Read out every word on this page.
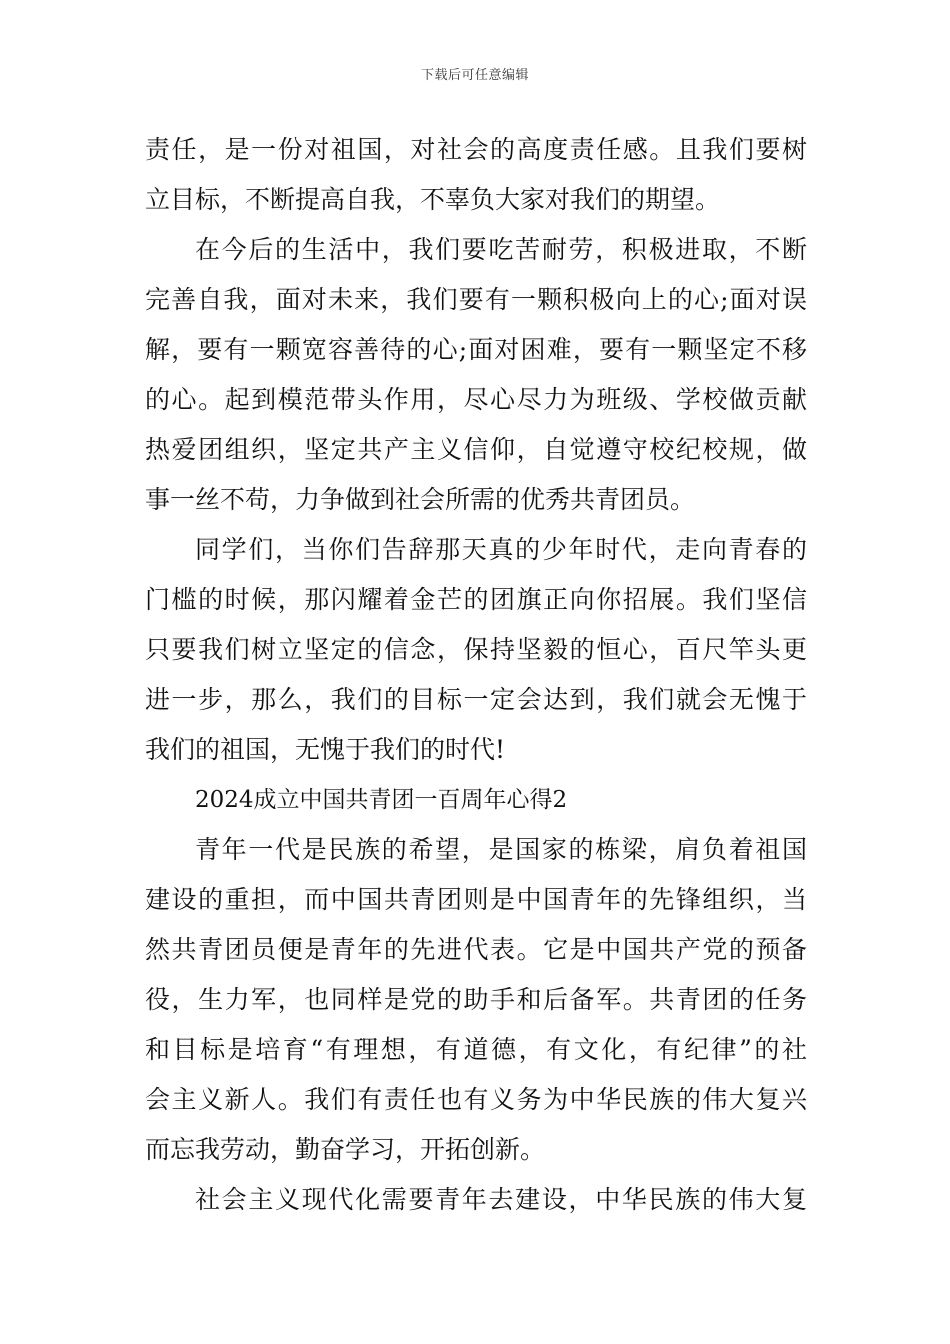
下载后可任意编辑
责任，是一份对祖国，对社会的高度责任感。且我们要树
立目标，不断提高自我，不辜负大家对我们的期望。
在今后的生活中，我们要吃苦耐劳，积极进取，不断
完善自我，面对未来，我们要有一颗积极向上的心;面对误
解，要有一颗宽容善待的心;面对困难，要有一颗坚定不移
的心。起到模范带头作用，尽心尽力为班级、学校做贡献
热爱团组织，坚定共产主义信仰，自觉遵守校纪校规，做
事一丝不苟，力争做到社会所需的优秀共青团员。
同学们，当你们告辞那天真的少年时代，走向青春的
门槛的时候，那闪耀着金芒的团旗正向你招展。我们坚信
只要我们树立坚定的信念，保持坚毅的恒心，百尺竿头更
进一步，那么，我们的目标一定会达到，我们就会无愧于
我们的祖国，无愧于我们的时代!
2024成立中国共青团一百周年心得2
青年一代是民族的希望，是国家的栋梁，肩负着祖国
建设的重担，而中国共青团则是中国青年的先锋组织，当
然共青团员便是青年的先进代表。它是中国共产党的预备
役，生力军，也同样是党的助手和后备军。共青团的任务
和目标是培育“有理想，有道德，有文化，有纪律”的社
会主义新人。我们有责任也有义务为中华民族的伟大复兴
而忘我劳动，勤奋学习，开拓创新。
社会主义现代化需要青年去建设，中华民族的伟大复
